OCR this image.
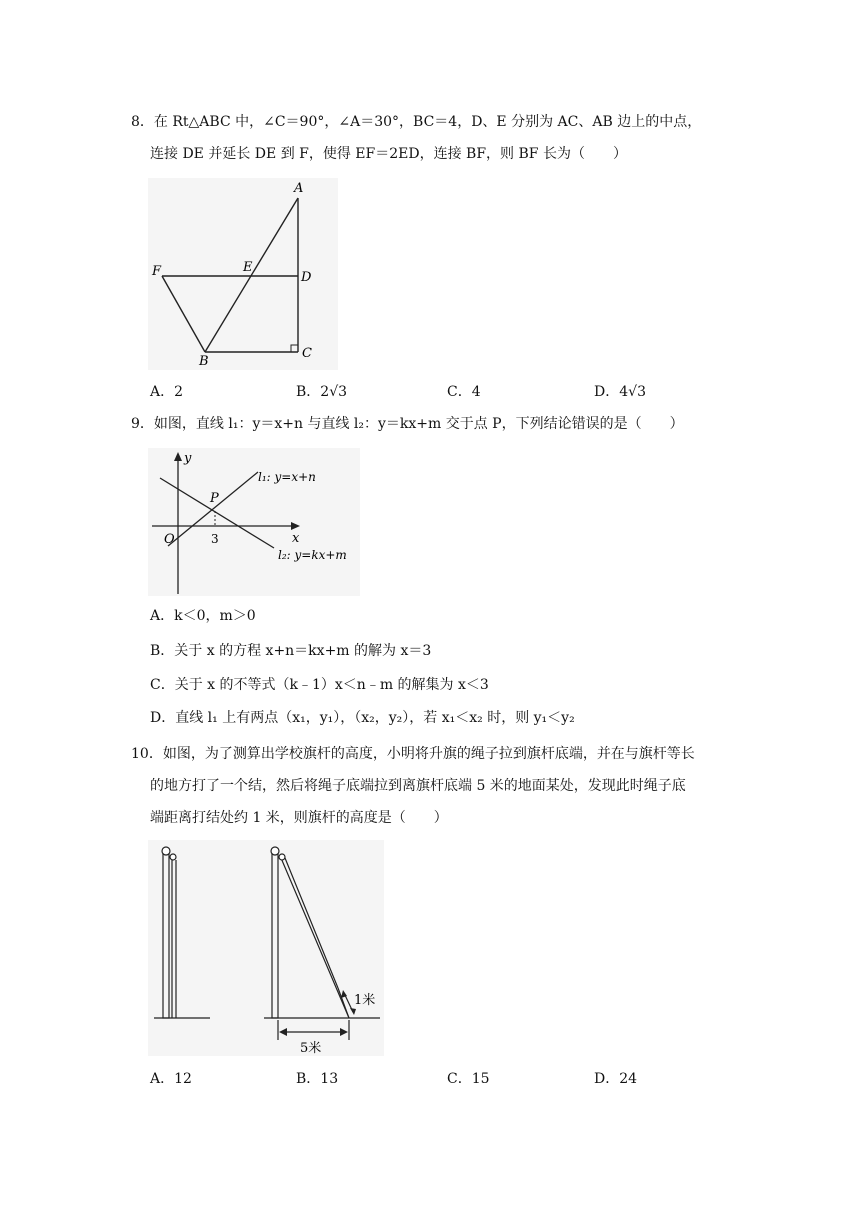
8．在 Rt△ABC 中，∠C＝90°，∠A＝30°，BC＝4，D、E 分别为 AC、AB 边上的中点，
连接 DE 并延长 DE 到 F，使得 EF＝2ED，连接 BF，则 BF 长为（　　）
A
F	E
D
B
C
A．2	B．2√3	C．4	D．4√3
9．如图，直线 l₁：y＝x+n 与直线 l₂：y＝kx+m 交于点 P，下列结论错误的是（　　）
y
x
O
P
3
l₁: y=x+n
l₂: y=kx+m
A．k＜0，m＞0
B．关于 x 的方程 x+n＝kx+m 的解为 x＝3
C．关于 x 的不等式（k﹣1）x＜n﹣m 的解集为 x＜3
D．直线 l₁ 上有两点（x₁，y₁），（x₂，y₂），若 x₁＜x₂ 时，则 y₁＜y₂
10．如图，为了测算出学校旗杆的高度，小明将升旗的绳子拉到旗杆底端，并在与旗杆等长
的地方打了一个结，然后将绳子底端拉到离旗杆底端 5 米的地面某处，发现此时绳子底
端距离打结处约 1 米，则旗杆的高度是（　　）
1米
5米
A．12	B．13	C．15	D．24
